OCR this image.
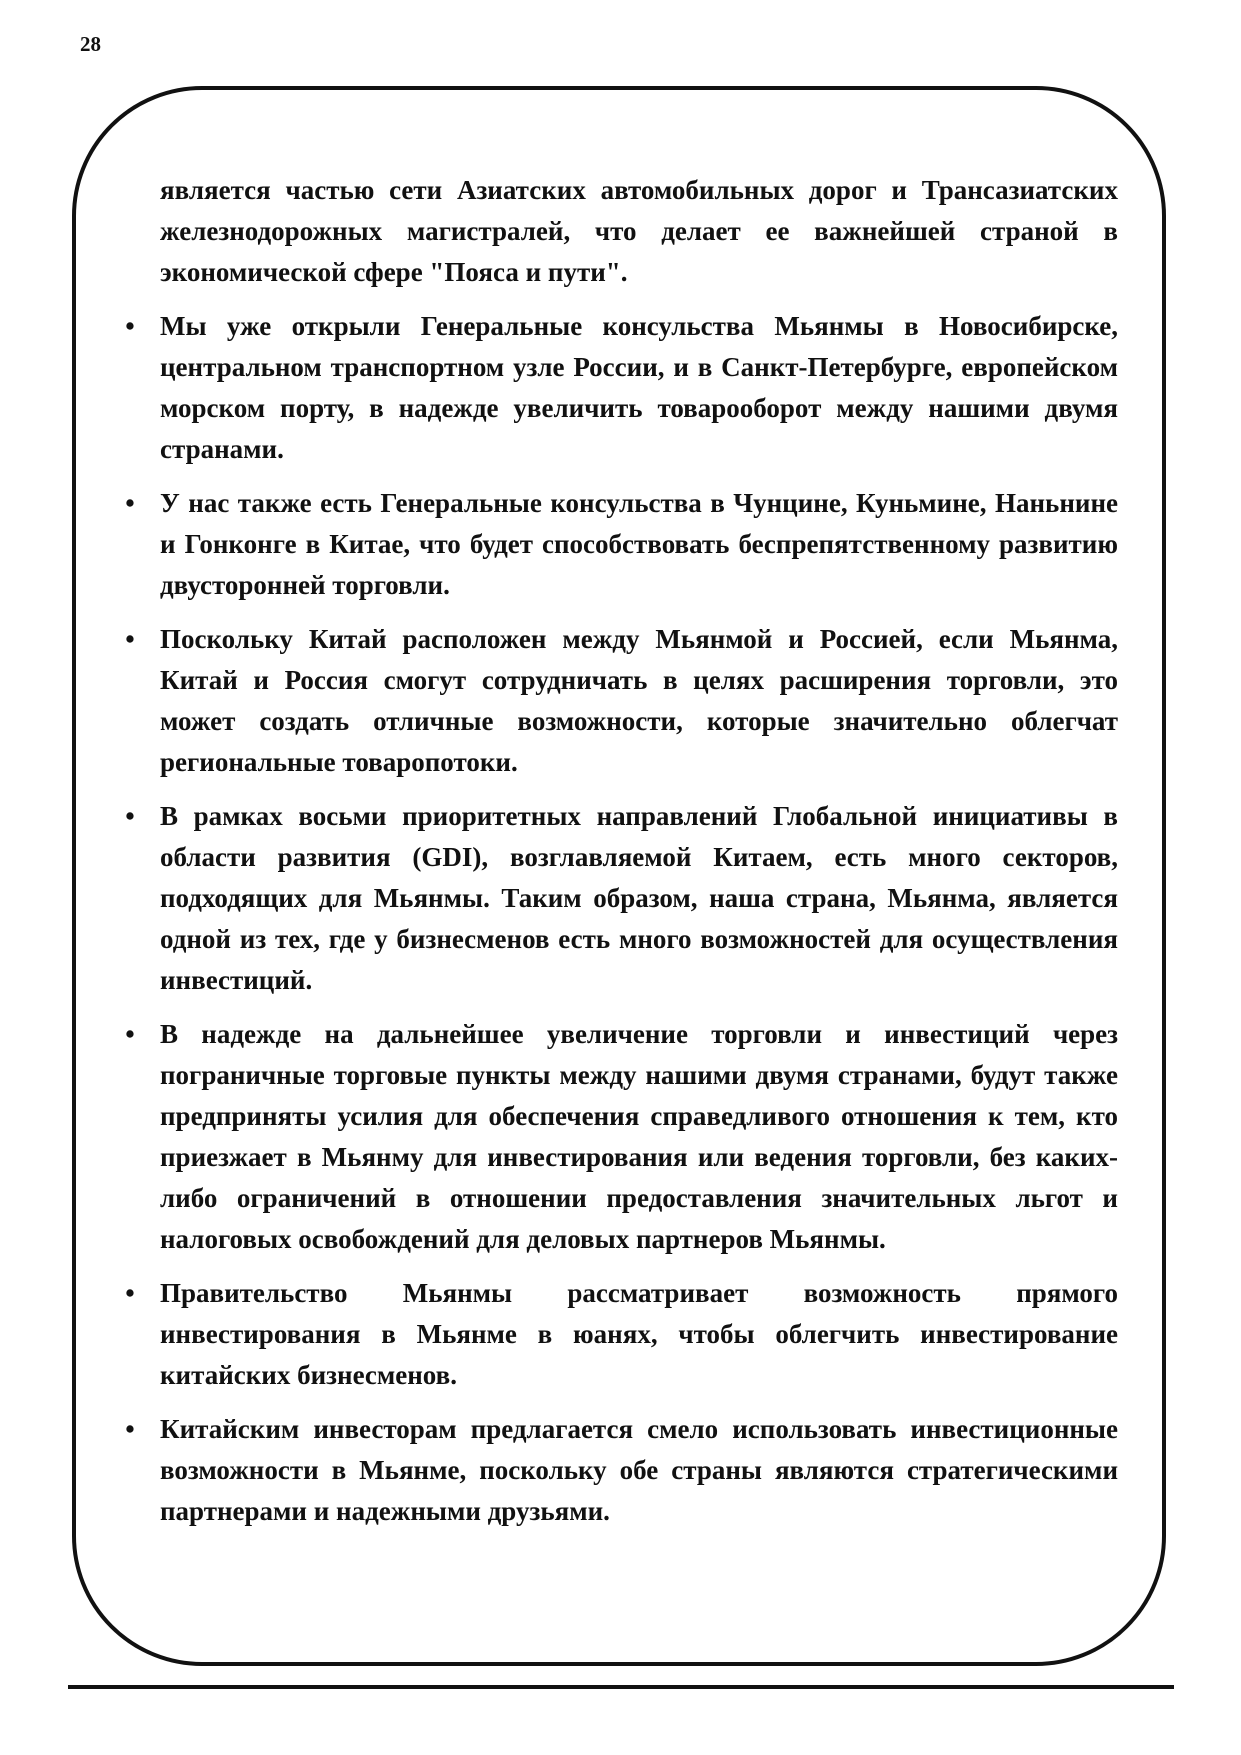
28

является частью сети Азиатских автомобильных дорог и Трансазиатских железнодорожных магистралей, что делает ее важнейшей страной в экономической сфере "Пояса и пути".

• Мы уже открыли Генеральные консульства Мьянмы в Новосибирске, центральном транспортном узле России, и в Санкт-Петербурге, европейском морском порту, в надежде увеличить товарооборот между нашими двумя странами.
• У нас также есть Генеральные консульства в Чунцине, Куньмине, Наньнине и Гонконге в Китае, что будет способствовать беспрепятственному развитию двусторонней торговли.
• Поскольку Китай расположен между Мьянмой и Россией, если Мьянма, Китай и Россия смогут сотрудничать в целях расширения торговли, это может создать отличные возможности, которые значительно облегчат региональные товаропотоки.
• В рамках восьми приоритетных направлений Глобальной инициативы в области развития (GDI), возглавляемой Китаем, есть много секторов, подходящих для Мьянмы. Таким образом, наша страна, Мьянма, является одной из тех, где у бизнесменов есть много возможностей для осуществления инвестиций.
• В надежде на дальнейшее увеличение торговли и инвестиций через пограничные торговые пункты между нашими двумя странами, будут также предприняты усилия для обеспечения справедливого отношения к тем, кто приезжает в Мьянму для инвестирования или ведения торговли, без каких-либо ограничений в отношении предоставления значительных льгот и налоговых освобождений для деловых партнеров Мьянмы.
• Правительство Мьянмы рассматривает возможность прямого инвестирования в Мьянме в юанях, чтобы облегчить инвестирование китайских бизнесменов.
• Китайским инвесторам предлагается смело использовать инвестиционные возможности в Мьянме, поскольку обе страны являются стратегическими партнерами и надежными друзьями.
